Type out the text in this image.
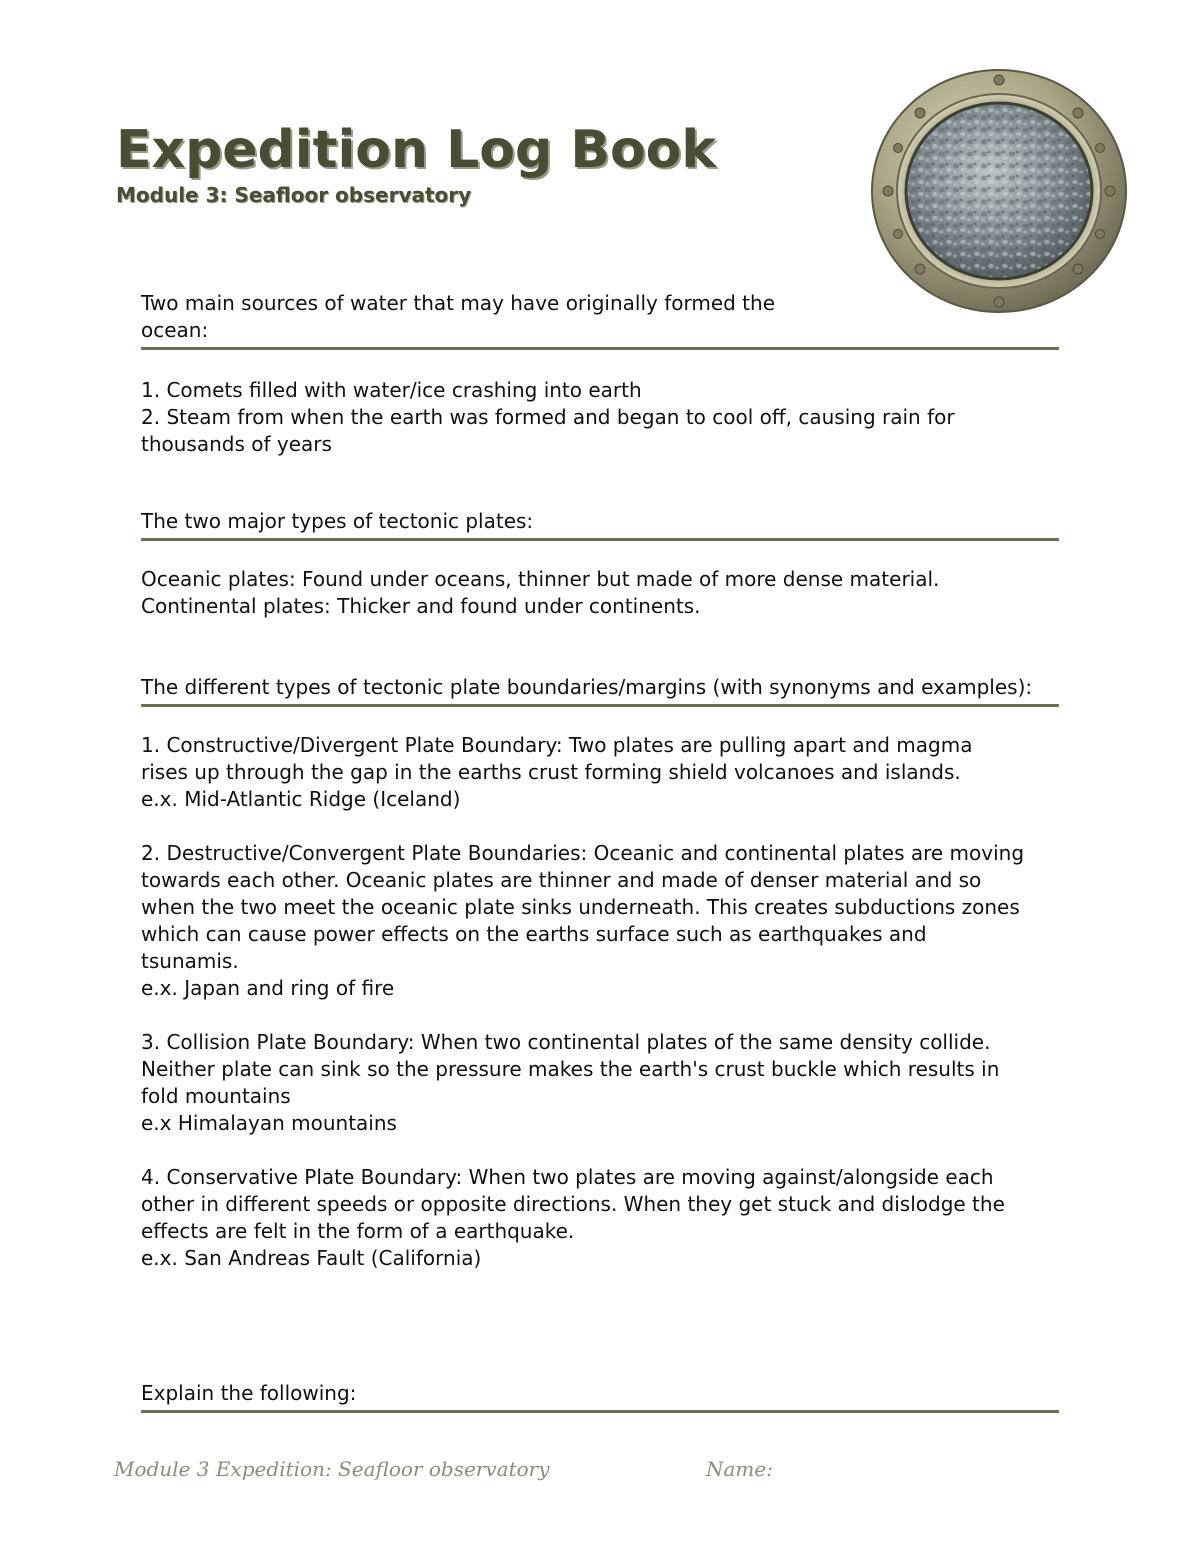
Expedition Log Book
Module 3: Seafloor observatory

Two main sources of water that may have originally formed the

ocean:

1. Comets filled with water/ice crashing into earth

2. Steam from when the earth was formed and began to cool off, causing rain for

thousands of years

The two major types of tectonic plates:

Oceanic plates: Found under oceans, thinner but made of more dense material.

Continental plates: Thicker and found under continents.

The different types of tectonic plate boundaries/margins (with synonyms and examples):

1. Constructive/Divergent Plate Boundary: Two plates are pulling apart and magma

rises up through the gap in the earths crust forming shield volcanoes and islands.

e.x. Mid-Atlantic Ridge (Iceland)

2. Destructive/Convergent Plate Boundaries: Oceanic and continental plates are moving

towards each other. Oceanic plates are thinner and made of denser material and so

when the two meet the oceanic plate sinks underneath. This creates subductions zones

which can cause power effects on the earths surface such as earthquakes and

tsunamis.

e.x. Japan and ring of fire

3. Collision Plate Boundary: When two continental plates of the same density collide.

Neither plate can sink so the pressure makes the earth's crust buckle which results in

fold mountains

e.x Himalayan mountains

4. Conservative Plate Boundary: When two plates are moving against/alongside each

other in different speeds or opposite directions. When they get stuck and dislodge the

effects are felt in the form of a earthquake.

e.x. San Andreas Fault (California)

Explain the following:
Module 3 Expedition: Seafloor observatory	Name:
